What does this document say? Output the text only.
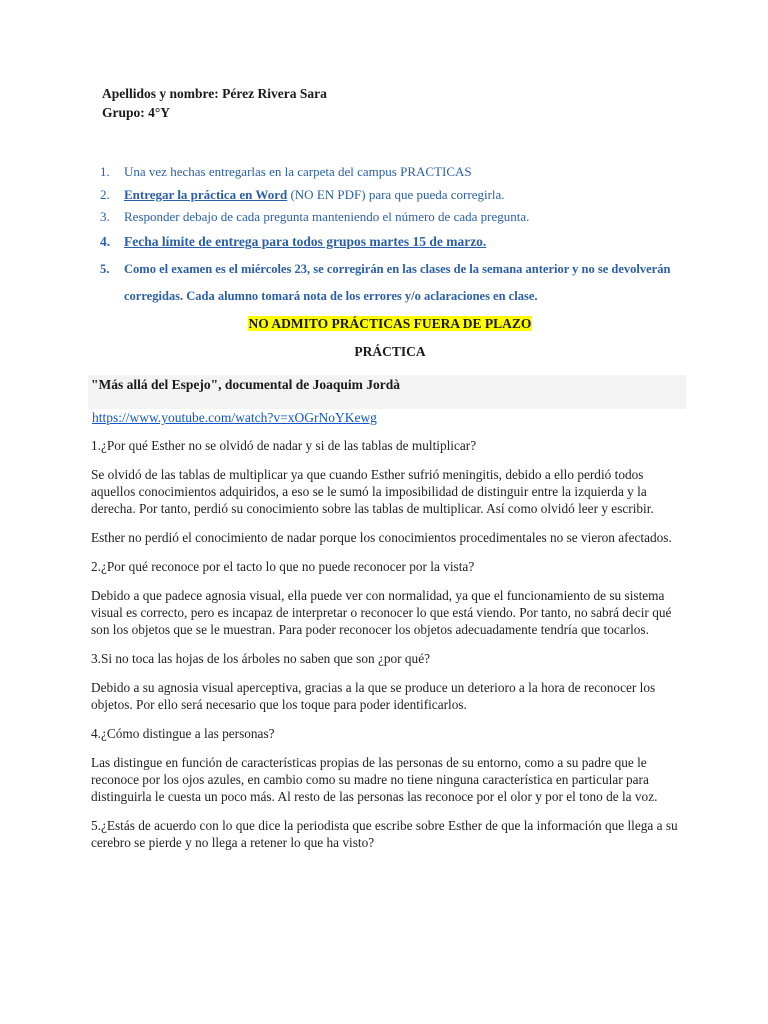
Apellidos y nombre: Pérez Rivera Sara
Grupo: 4°Y
1. Una vez hechas entregarlas en la carpeta del campus PRACTICAS
2. Entregar la práctica en Word (NO EN PDF) para que pueda corregirla.
3. Responder debajo de cada pregunta manteniendo el número de cada pregunta.
4. Fecha límite de entrega para todos grupos martes 15 de marzo.
5. Como el examen es el miércoles 23, se corregirán en las clases de la semana anterior y no se devolverán corregidas. Cada alumno tomará nota de los errores y/o aclaraciones en clase.
NO ADMITO PRÁCTICAS FUERA DE PLAZO
PRÁCTICA
"Más allá del Espejo", documental de Joaquim Jordà
https://www.youtube.com/watch?v=xOGrNoYKewg

1.¿Por qué Esther no se olvidó de nadar y si de las tablas de multiplicar?

Se olvidó de las tablas de multiplicar ya que cuando Esther sufrió meningitis, debido a ello perdió todos aquellos conocimientos adquiridos, a eso se le sumó la imposibilidad de distinguir entre la izquierda y la derecha. Por tanto, perdió su conocimiento sobre las tablas de multiplicar. Así como olvidó leer y escribir.

Esther no perdió el conocimiento de nadar porque los conocimientos procedimentales no se vieron afectados.

2.¿Por qué reconoce por el tacto lo que no puede reconocer por la vista?

Debido a que padece agnosia visual, ella puede ver con normalidad, ya que el funcionamiento de su sistema visual es correcto, pero es incapaz de interpretar o reconocer lo que está viendo. Por tanto, no sabrá decir qué son los objetos que se le muestran. Para poder reconocer los objetos adecuadamente tendría que tocarlos.

3.Si no toca las hojas de los árboles no saben que son ¿por qué?

Debido a su agnosia visual aperceptiva, gracias a la que se produce un deterioro a la hora de reconocer los objetos. Por ello será necesario que los toque para poder identificarlos.

4.¿Cómo distingue a las personas?

Las distingue en función de características propias de las personas de su entorno, como a su padre que le reconoce por los ojos azules, en cambio como su madre no tiene ninguna característica en particular para distinguirla le cuesta un poco más. Al resto de las personas las reconoce por el olor y por el tono de la voz.

5.¿Estás de acuerdo con lo que dice la periodista que escribe sobre Esther de que la información que llega a su cerebro se pierde y no llega a retener lo que ha visto?
